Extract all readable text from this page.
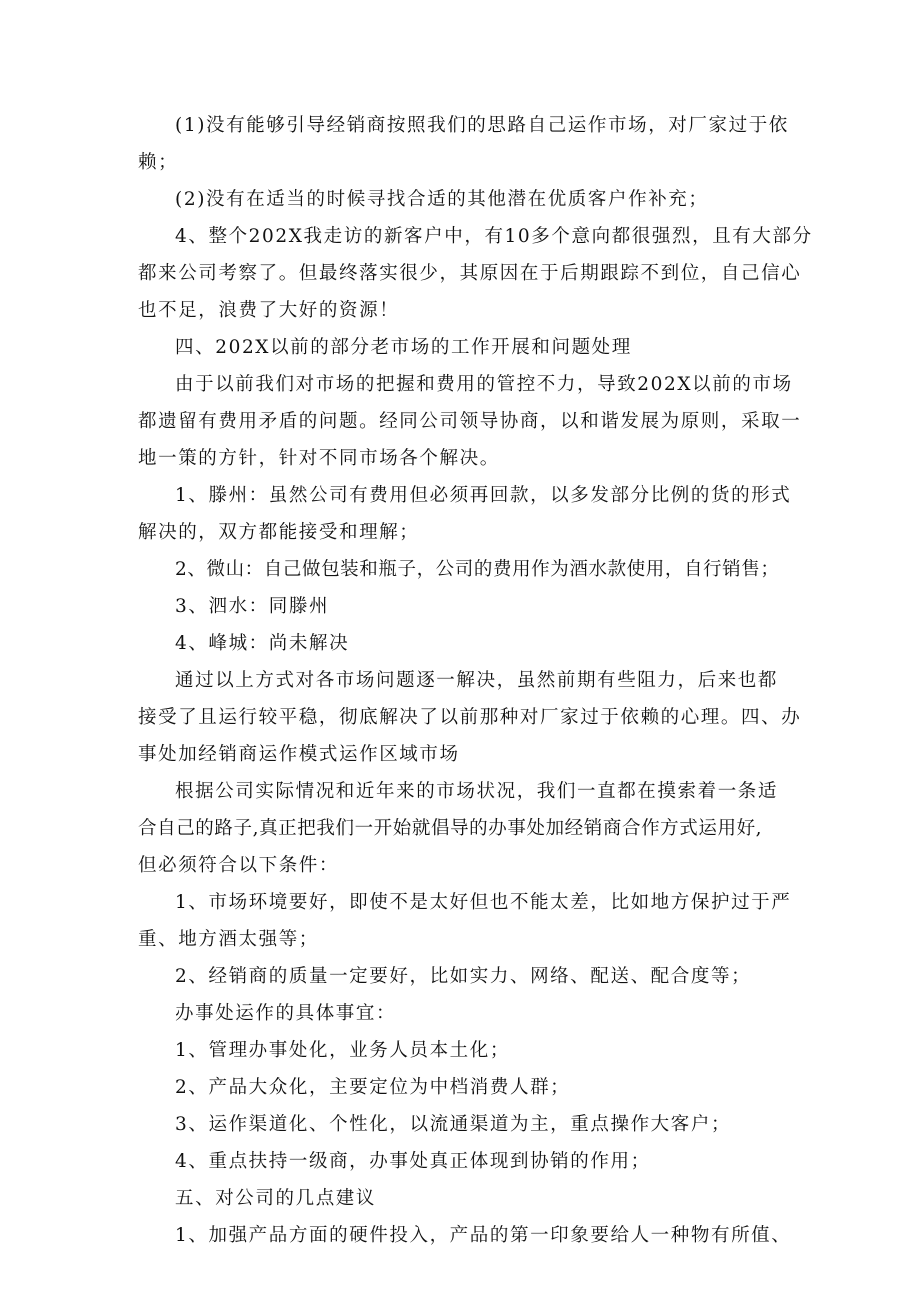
(1)没有能够引导经销商按照我们的思路自己运作市场，对厂家过于依
赖；
(2)没有在适当的时候寻找合适的其他潜在优质客户作补充；
4、整个202X我走访的新客户中，有10多个意向都很强烈，且有大部分
都来公司考察了。但最终落实很少，其原因在于后期跟踪不到位，自己信心
也不足，浪费了大好的资源！
四、202X以前的部分老市场的工作开展和问题处理
由于以前我们对市场的把握和费用的管控不力，导致202X以前的市场
都遗留有费用矛盾的问题。经同公司领导协商，以和谐发展为原则，采取一
地一策的方针，针对不同市场各个解决。
1、滕州：虽然公司有费用但必须再回款，以多发部分比例的货的形式
解决的，双方都能接受和理解；
2、微山：自己做包装和瓶子，公司的费用作为酒水款使用，自行销售；
3、泗水：同滕州
4、峰城：尚未解决
通过以上方式对各市场问题逐一解决，虽然前期有些阻力，后来也都
接受了且运行较平稳，彻底解决了以前那种对厂家过于依赖的心理。四、办
事处加经销商运作模式运作区域市场
根据公司实际情况和近年来的市场状况，我们一直都在摸索着一条适
合自己的路子,真正把我们一开始就倡导的办事处加经销商合作方式运用好,
但必须符合以下条件：
1、市场环境要好，即使不是太好但也不能太差，比如地方保护过于严
重、地方酒太强等；
2、经销商的质量一定要好，比如实力、网络、配送、配合度等；
办事处运作的具体事宜：
1、管理办事处化，业务人员本土化；
2、产品大众化，主要定位为中档消费人群；
3、运作渠道化、个性化，以流通渠道为主，重点操作大客户；
4、重点扶持一级商，办事处真正体现到协销的作用；
五、对公司的几点建议
1、加强产品方面的硬件投入，产品的第一印象要给人一种物有所值、
